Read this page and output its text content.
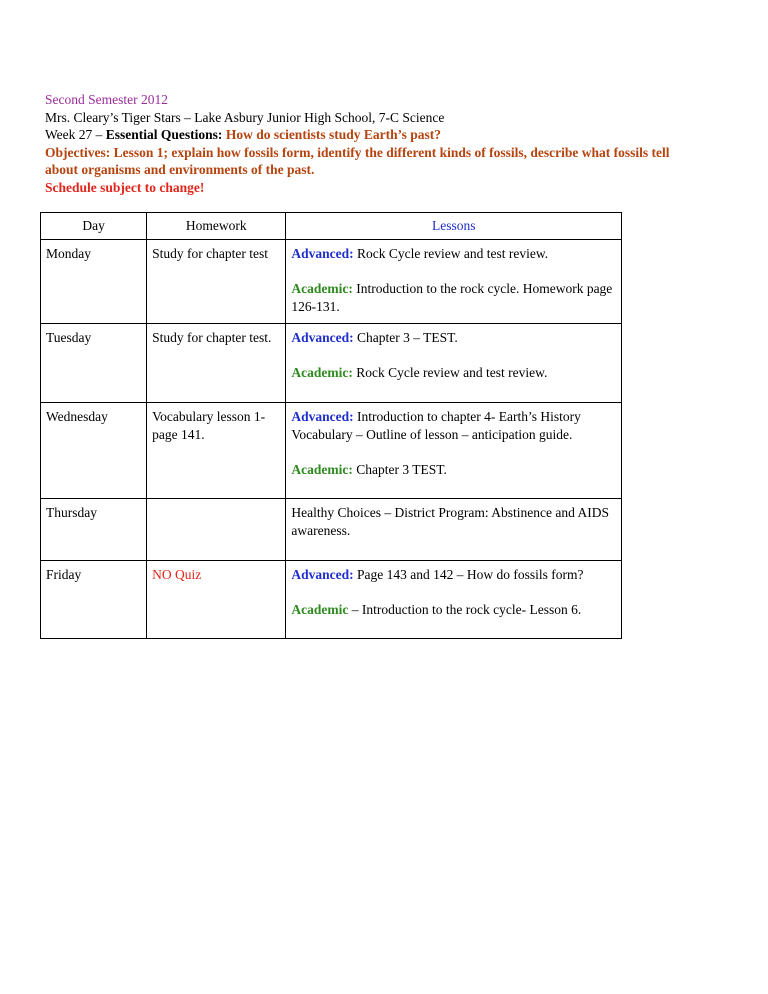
Second Semester 2012
Mrs. Cleary’s Tiger Stars – Lake Asbury Junior High School, 7-C Science
Week 27 – Essential Questions: How do scientists study Earth’s past?
Objectives: Lesson 1; explain how fossils form, identify the different kinds of fossils, describe what fossils tell about organisms and environments of the past.
Schedule subject to change!
Day	Homework	Lessons
Monday	Study for chapter test	Advanced: Rock Cycle review and test review.
Academic: Introduction to the rock cycle. Homework page 126-131.

Tuesday	Study for chapter test.	Advanced: Chapter 3 – TEST.
Academic: Rock Cycle review and test review.

Wednesday	Vocabulary lesson 1- page 141.	Advanced: Introduction to chapter 4- Earth’s History Vocabulary – Outline of lesson – anticipation guide.
Academic: Chapter 3 TEST.

Thursday		Healthy Choices – District Program: Abstinence and AIDS awareness.
Friday	NO Quiz	Advanced: Page 143 and 142 – How do fossils form?
Academic – Introduction to the rock cycle- Lesson 6.
